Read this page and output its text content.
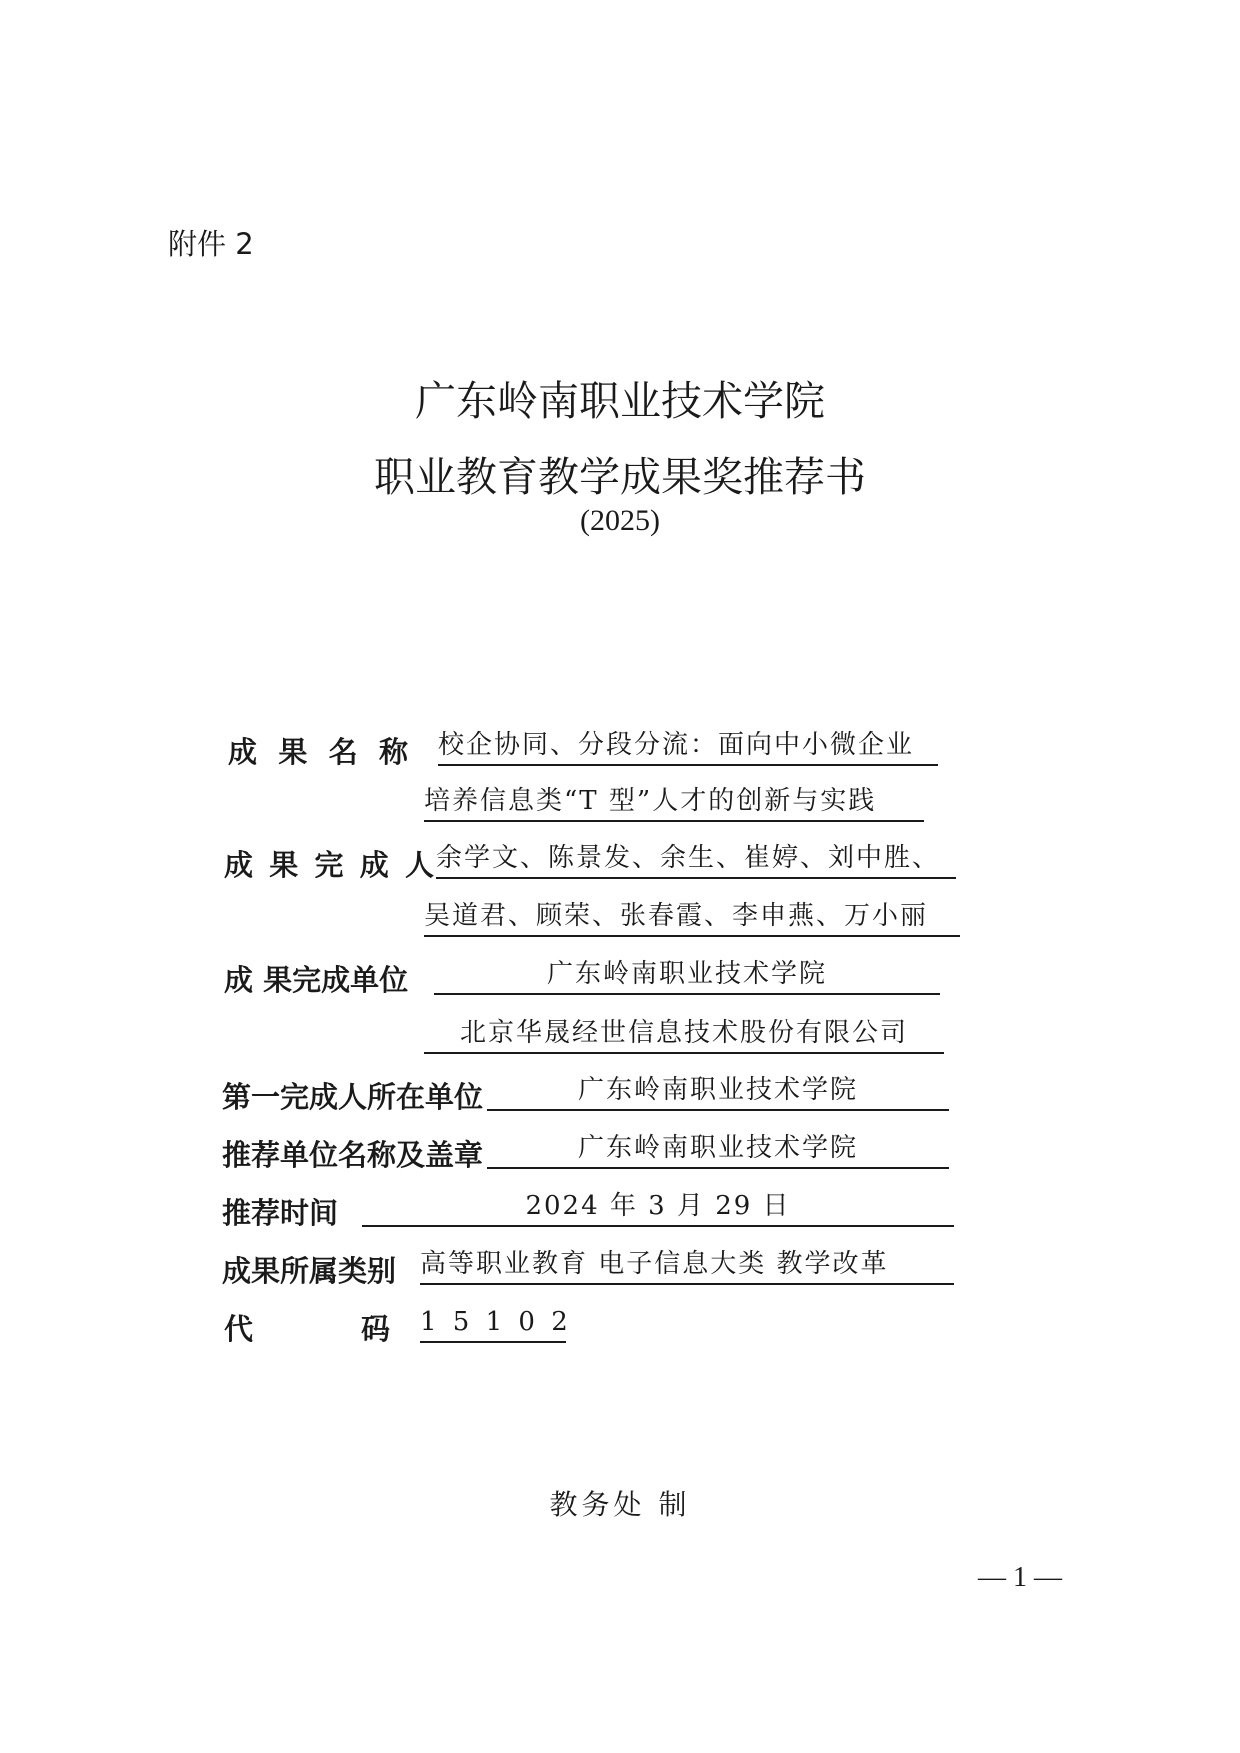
附件 2
广东岭南职业技术学院
职业教育教学成果奖推荐书
(2025)
成 果 名 称 校企协同、分段分流：面向中小微企业
培养信息类“T 型”人才的创新与实践
成 果 完 成 人 余学文、陈景发、余生、崔婷、刘中胜、
吴道君、顾荣、张春霞、李申燕、万小丽
成 果完成单位	广东岭南职业技术学院
北京华晟经世信息技术股份有限公司
第一完成人所在单位	广东岭南职业技术学院
推荐单位名称及盖章	广东岭南职业技术学院
推荐时间	2024 年 3 月 29 日
成果所属类别 高等职业教育 电子信息大类 教学改革
代	码 1 5 1 0 2
教务处 制
— 1 —
